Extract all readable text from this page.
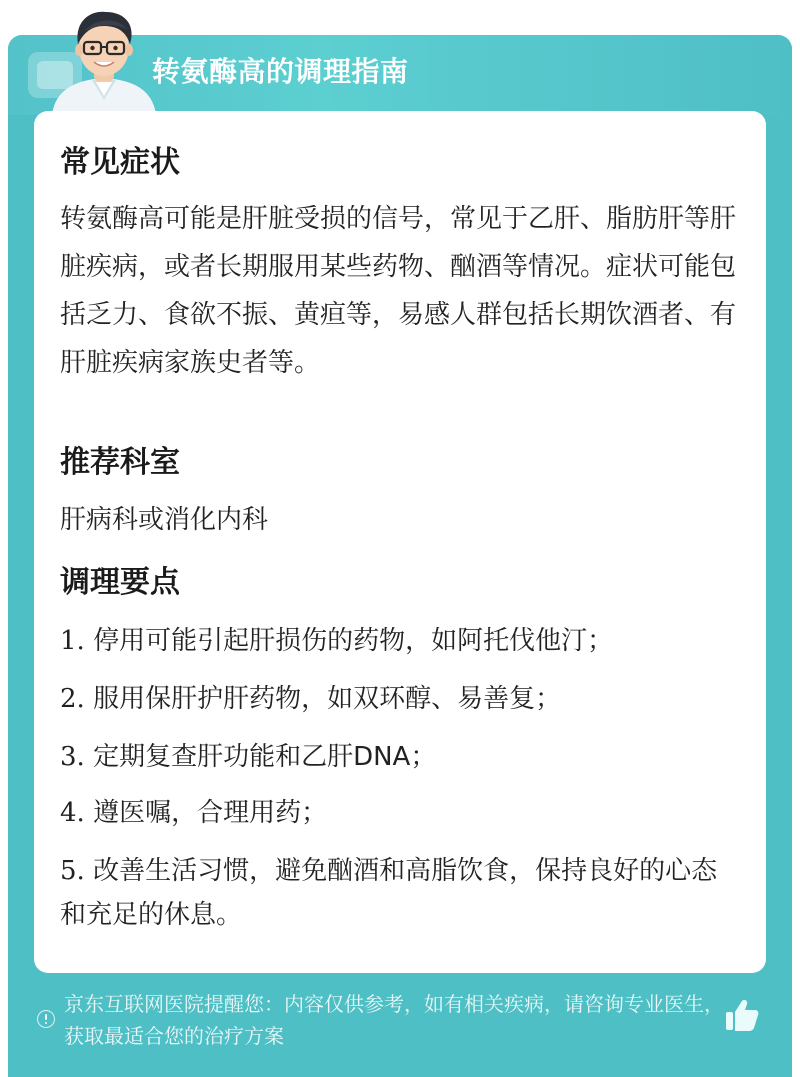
转氨酶高的调理指南
常见症状
转氨酶高可能是肝脏受损的信号，常见于乙肝、脂肪肝等肝脏疾病，或者长期服用某些药物、酗酒等情况。症状可能包括乏力、食欲不振、黄疸等，易感人群包括长期饮酒者、有肝脏疾病家族史者等。
推荐科室
肝病科或消化内科
调理要点
1. 停用可能引起肝损伤的药物，如阿托伐他汀；
2. 服用保肝护肝药物，如双环醇、易善复；
3. 定期复查肝功能和乙肝DNA；
4. 遵医嘱，合理用药；
5. 改善生活习惯，避免酗酒和高脂饮食，保持良好的心态和充足的休息。
京东互联网医院提醒您：内容仅供参考，如有相关疾病，请咨询专业医生，获取最适合您的治疗方案
